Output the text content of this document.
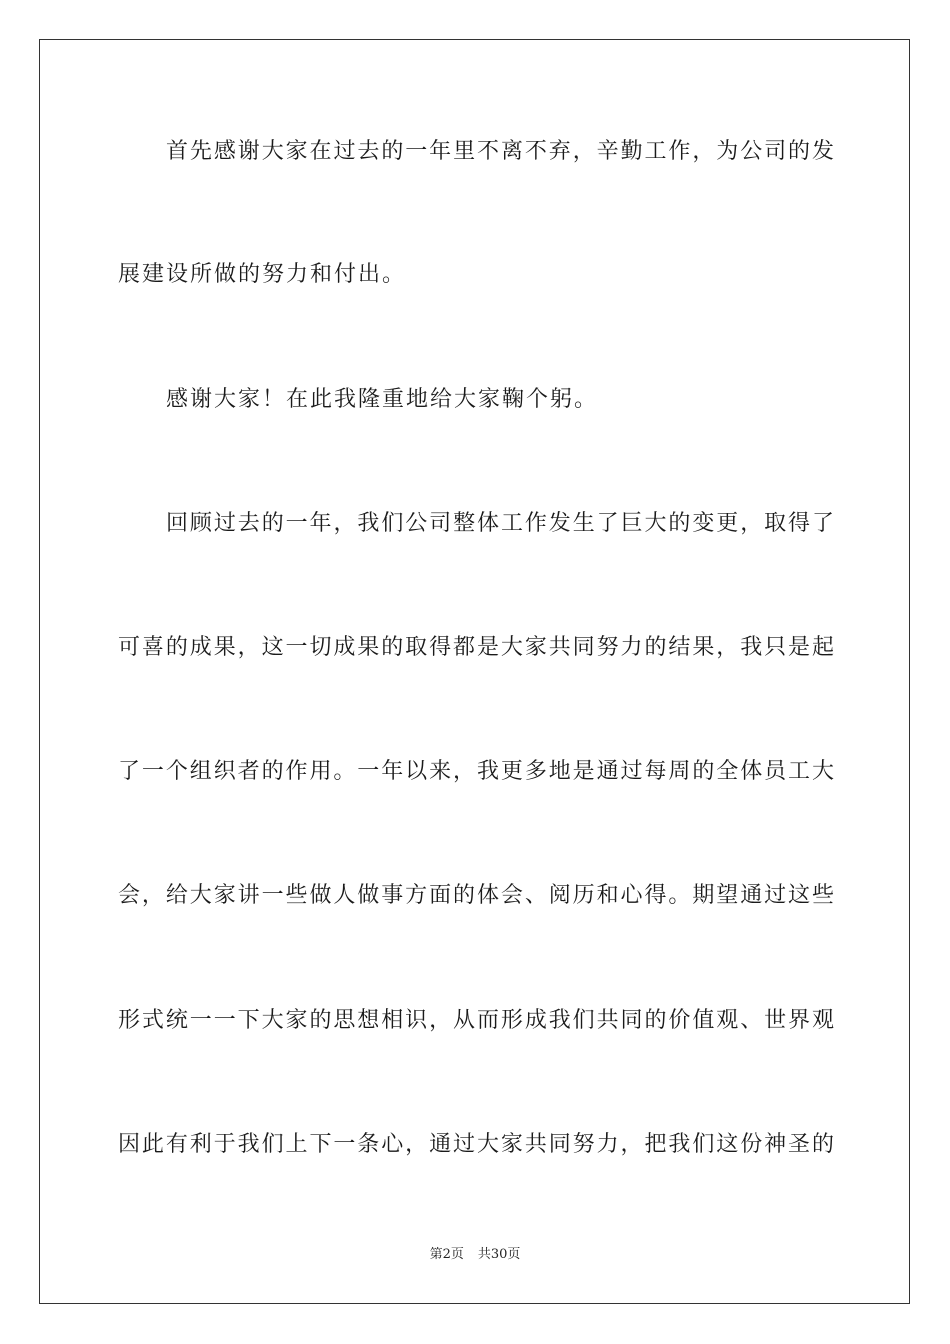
首先感谢大家在过去的一年里不离不弃，辛勤工作，为公司的发
展建设所做的努力和付出。
感谢大家！在此我隆重地给大家鞠个躬。
回顾过去的一年，我们公司整体工作发生了巨大的变更，取得了
可喜的成果，这一切成果的取得都是大家共同努力的结果，我只是起
了一个组织者的作用。一年以来，我更多地是通过每周的全体员工大
会，给大家讲一些做人做事方面的体会、阅历和心得。期望通过这些
形式统一一下大家的思想相识，从而形成我们共同的价值观、世界观
因此有利于我们上下一条心，通过大家共同努力，把我们这份神圣的
第2页 共30页
